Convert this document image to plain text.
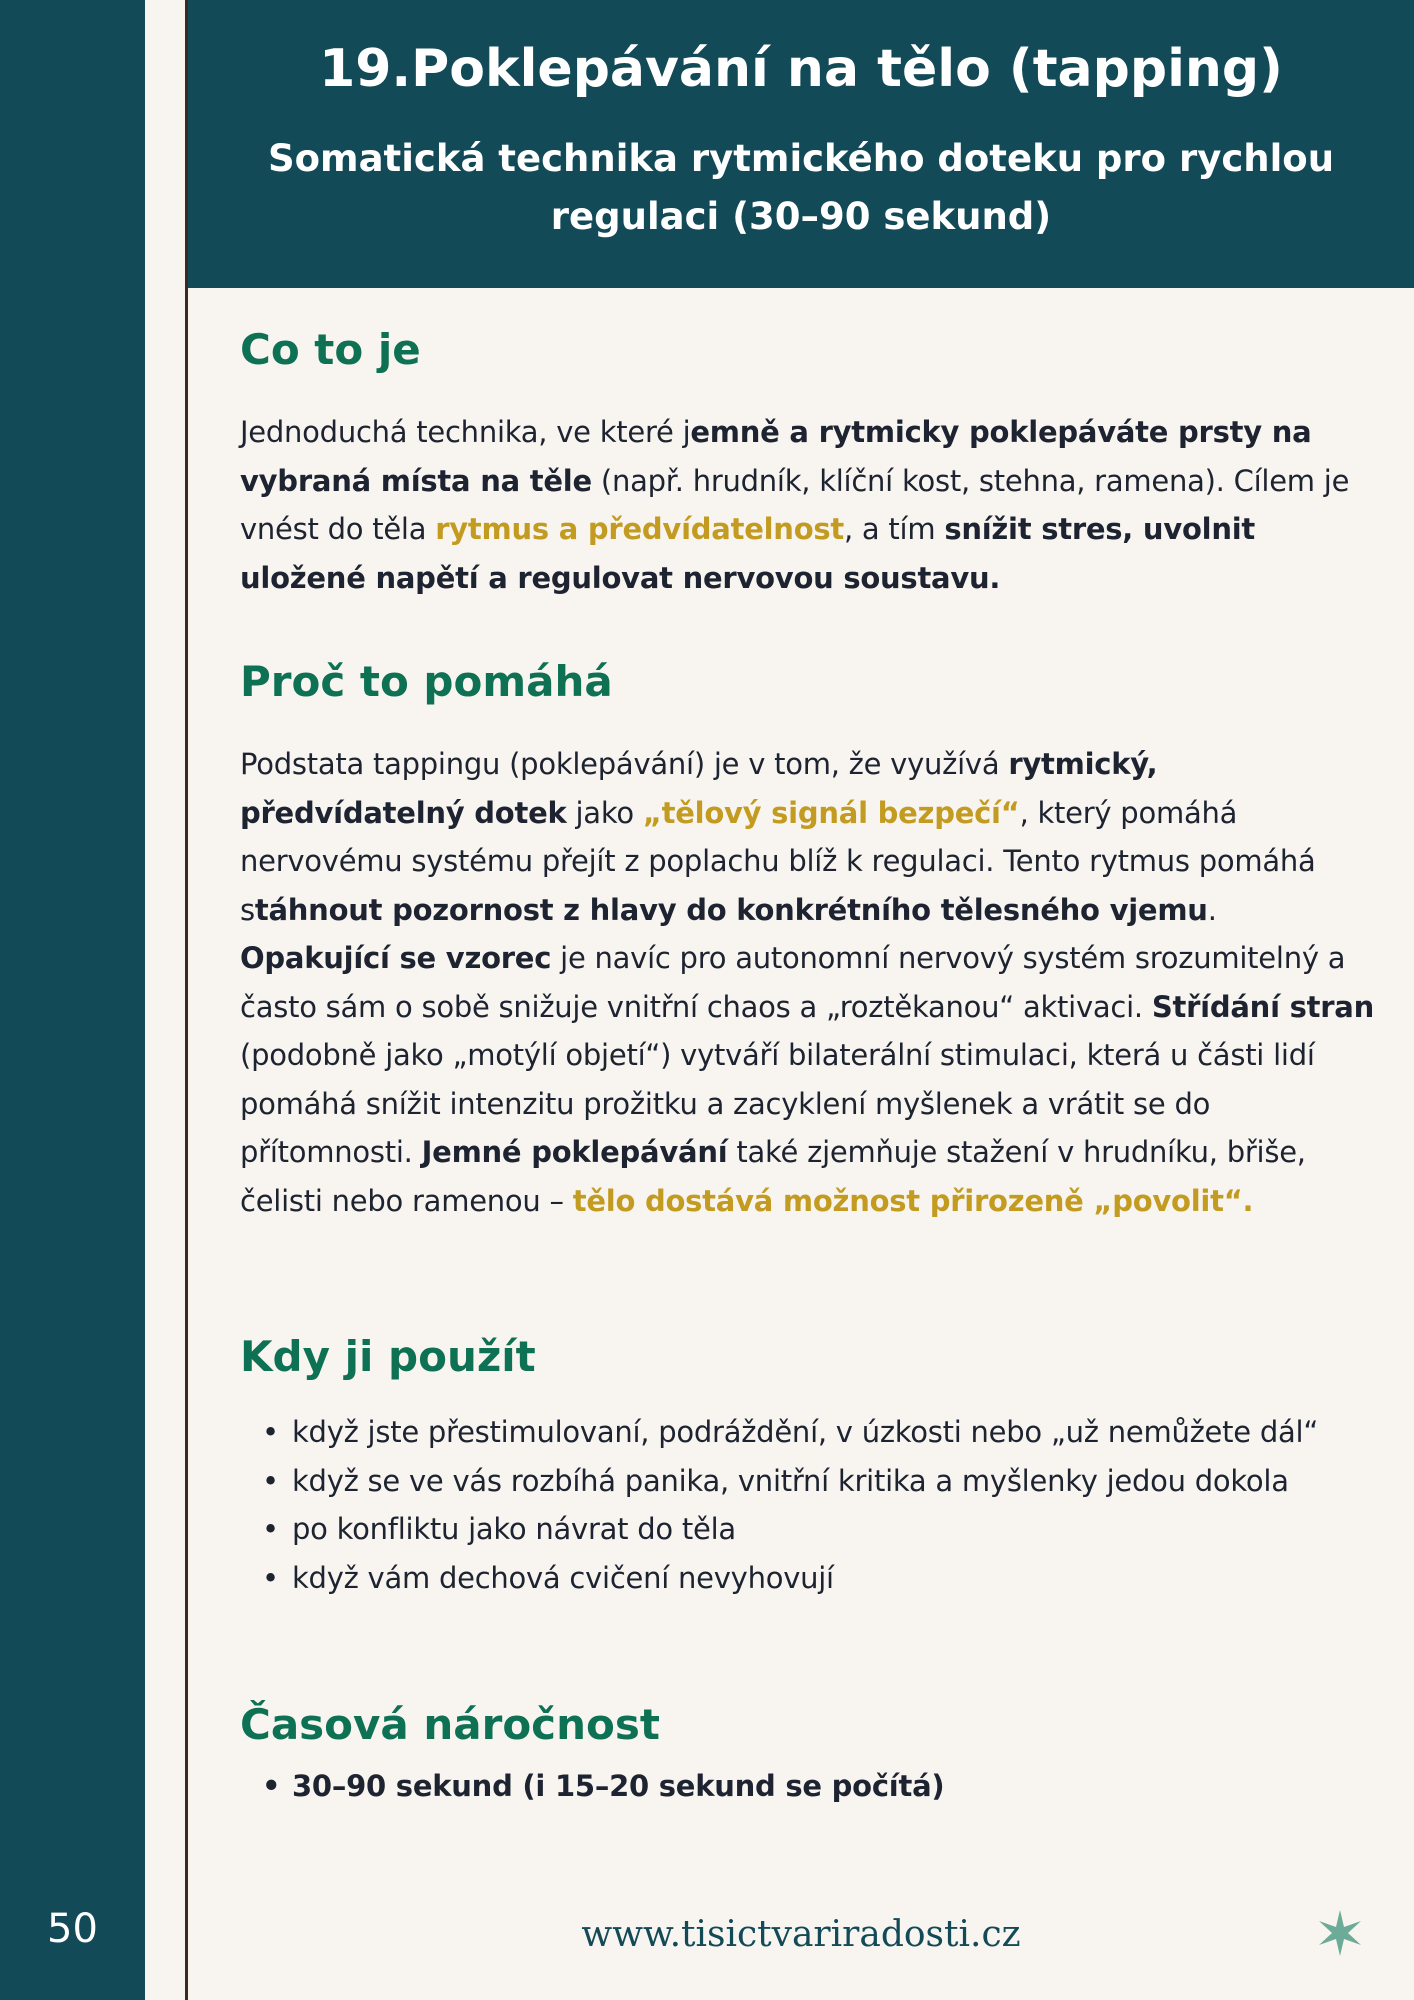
19.Poklepávání na tělo (tapping)

Somatická technika rytmického doteku pro rychlou regulaci (30–90 sekund)

Co to je

Jednoduchá technika, ve které jemně a rytmicky poklepáváte prsty na vybraná místa na těle (např. hrudník, klíční kost, stehna, ramena). Cílem je vnést do těla rytmus a předvídatelnost, a tím snížit stres, uvolnit uložené napětí a regulovat nervovou soustavu.

Proč to pomáhá

Podstata tappingu (poklepávání) je v tom, že využívá rytmický, předvídatelný dotek jako „tělový signál bezpečí“, který pomáhá nervovému systému přejít z poplachu blíž k regulaci. Tento rytmus pomáhá stáhnout pozornost z hlavy do konkrétního tělesného vjemu. Opakující se vzorec je navíc pro autonomní nervový systém srozumitelný a často sám o sobě snižuje vnitřní chaos a „roztěkanou“ aktivaci. Střídání stran (podobně jako „motýlí objetí“) vytváří bilaterální stimulaci, která u části lidí pomáhá snížit intenzitu prožitku a zacyklení myšlenek a vrátit se do přítomnosti. Jemné poklepávání také zjemňuje stažení v hrudníku, břiše, čelisti nebo ramenou – tělo dostává možnost přirozeně „povolit“.

Kdy ji použít
• když jste přestimulovaní, podráždění, v úzkosti nebo „už nemůžete dál“
• když se ve vás rozbíhá panika, vnitřní kritika a myšlenky jedou dokola
• po konfliktu jako návrat do těla
• když vám dechová cvičení nevyhovují
Časová náročnost
• 30–90 sekund (i 15–20 sekund se počítá)
50	www.tisictvariradosti.cz
